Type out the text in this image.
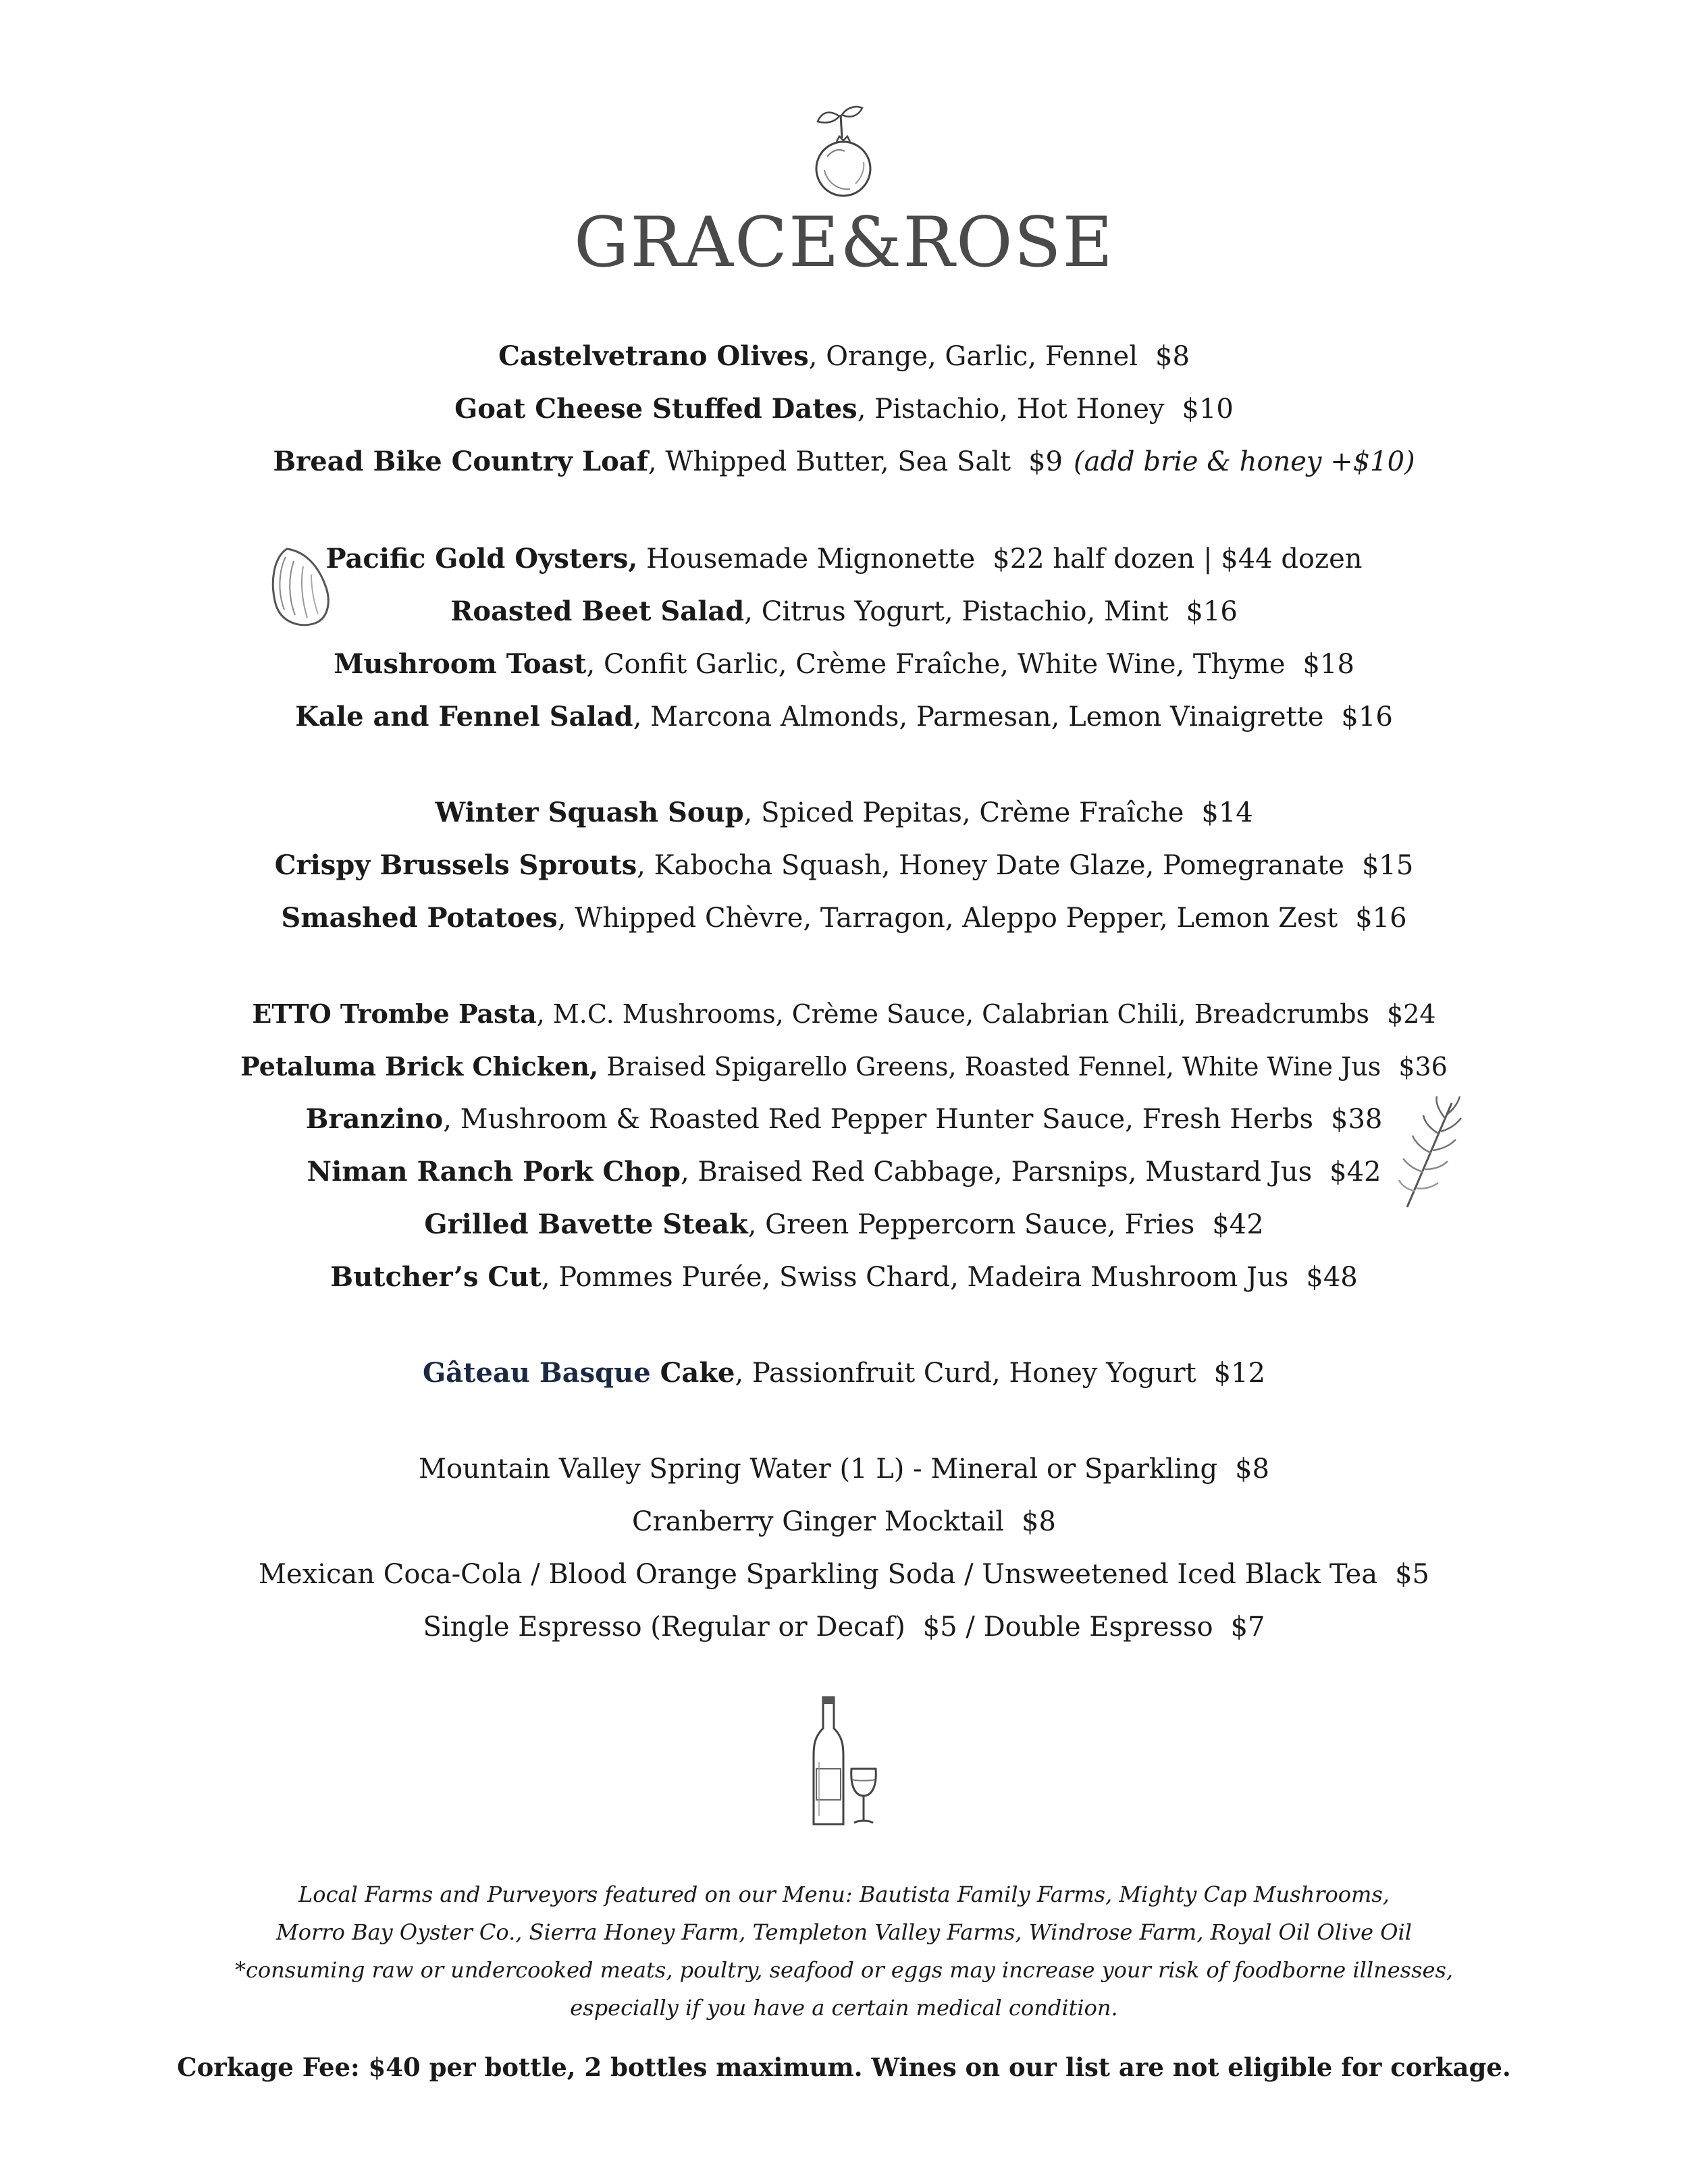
GRACE&ROSE
Castelvetrano Olives, Orange, Garlic, Fennel $8
Goat Cheese Stuffed Dates, Pistachio, Hot Honey $10
Bread Bike Country Loaf, Whipped Butter, Sea Salt $9 (add brie & honey +$10)
Pacific Gold Oysters, Housemade Mignonette $22 half dozen | $44 dozen
Roasted Beet Salad, Citrus Yogurt, Pistachio, Mint $16
Mushroom Toast, Confit Garlic, Crème Fraîche, White Wine, Thyme $18
Kale and Fennel Salad, Marcona Almonds, Parmesan, Lemon Vinaigrette $16
Winter Squash Soup, Spiced Pepitas, Crème Fraîche $14
Crispy Brussels Sprouts, Kabocha Squash, Honey Date Glaze, Pomegranate $15
Smashed Potatoes, Whipped Chèvre, Tarragon, Aleppo Pepper, Lemon Zest $16
ETTO Trombe Pasta, M.C. Mushrooms, Crème Sauce, Calabrian Chili, Breadcrumbs $24
Petaluma Brick Chicken, Braised Spigarello Greens, Roasted Fennel, White Wine Jus $36
Branzino, Mushroom & Roasted Red Pepper Hunter Sauce, Fresh Herbs $38
Niman Ranch Pork Chop, Braised Red Cabbage, Parsnips, Mustard Jus $42
Grilled Bavette Steak, Green Peppercorn Sauce, Fries $42
Butcher’s Cut, Pommes Purée, Swiss Chard, Madeira Mushroom Jus $48
Gâteau Basque Cake, Passionfruit Curd, Honey Yogurt $12
Mountain Valley Spring Water (1 L) - Mineral or Sparkling $8
Cranberry Ginger Mocktail $8
Mexican Coca-Cola / Blood Orange Sparkling Soda / Unsweetened Iced Black Tea $5
Single Espresso (Regular or Decaf) $5 / Double Espresso $7
Local Farms and Purveyors featured on our Menu: Bautista Family Farms, Mighty Cap Mushrooms,
Morro Bay Oyster Co., Sierra Honey Farm, Templeton Valley Farms, Windrose Farm, Royal Oil Olive Oil
*consuming raw or undercooked meats, poultry, seafood or eggs may increase your risk of foodborne illnesses,
especially if you have a certain medical condition.
Corkage Fee: $40 per bottle, 2 bottles maximum. Wines on our list are not eligible for corkage.
